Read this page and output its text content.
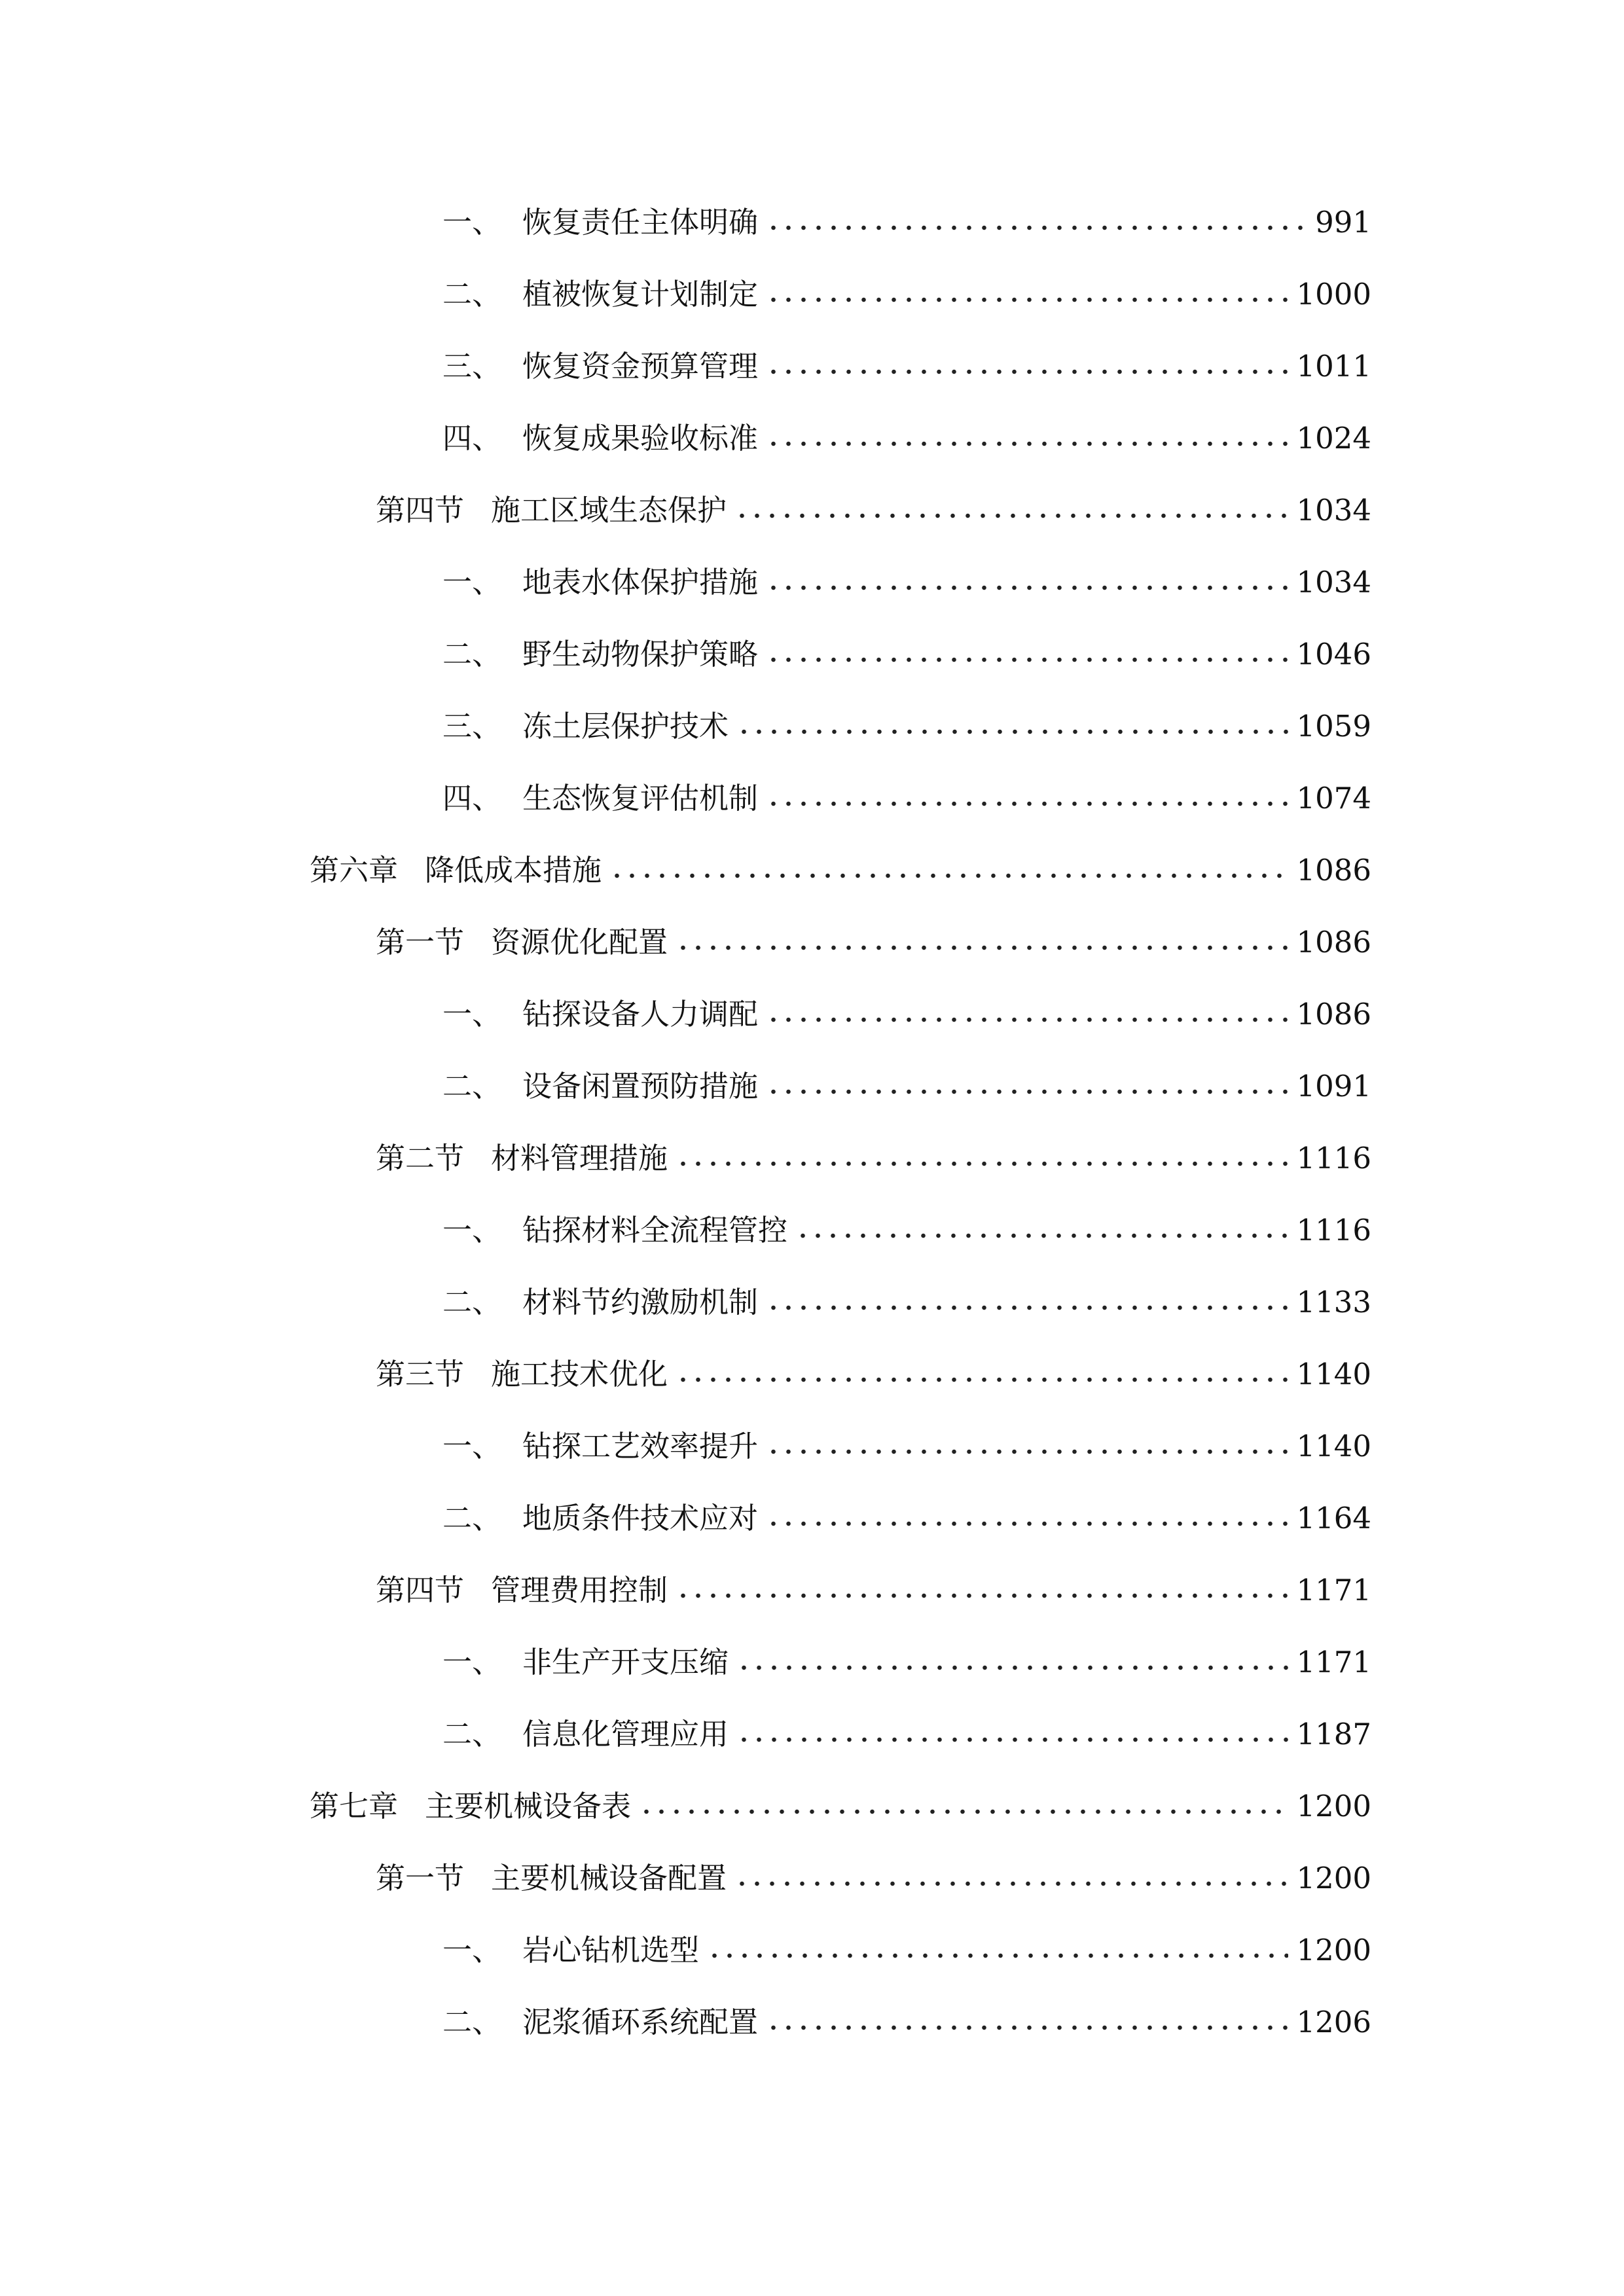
一、 恢复责任主体明确	991
二、 植被恢复计划制定	1000
三、 恢复资金预算管理	1011
四、 恢复成果验收标准	1024
第四节 施工区域生态保护	1034
一、 地表水体保护措施	1034
二、 野生动物保护策略	1046
三、 冻土层保护技术	1059
四、 生态恢复评估机制	1074
第六章 降低成本措施	1086
第一节 资源优化配置	1086
一、 钻探设备人力调配	1086
二、 设备闲置预防措施	1091
第二节 材料管理措施	1116
一、 钻探材料全流程管控	1116
二、 材料节约激励机制	1133
第三节 施工技术优化	1140
一、 钻探工艺效率提升	1140
二、 地质条件技术应对	1164
第四节 管理费用控制	1171
一、 非生产开支压缩	1171
二、 信息化管理应用	1187
第七章 主要机械设备表	1200
第一节 主要机械设备配置	1200
一、 岩心钻机选型	1200
二、 泥浆循环系统配置	1206
